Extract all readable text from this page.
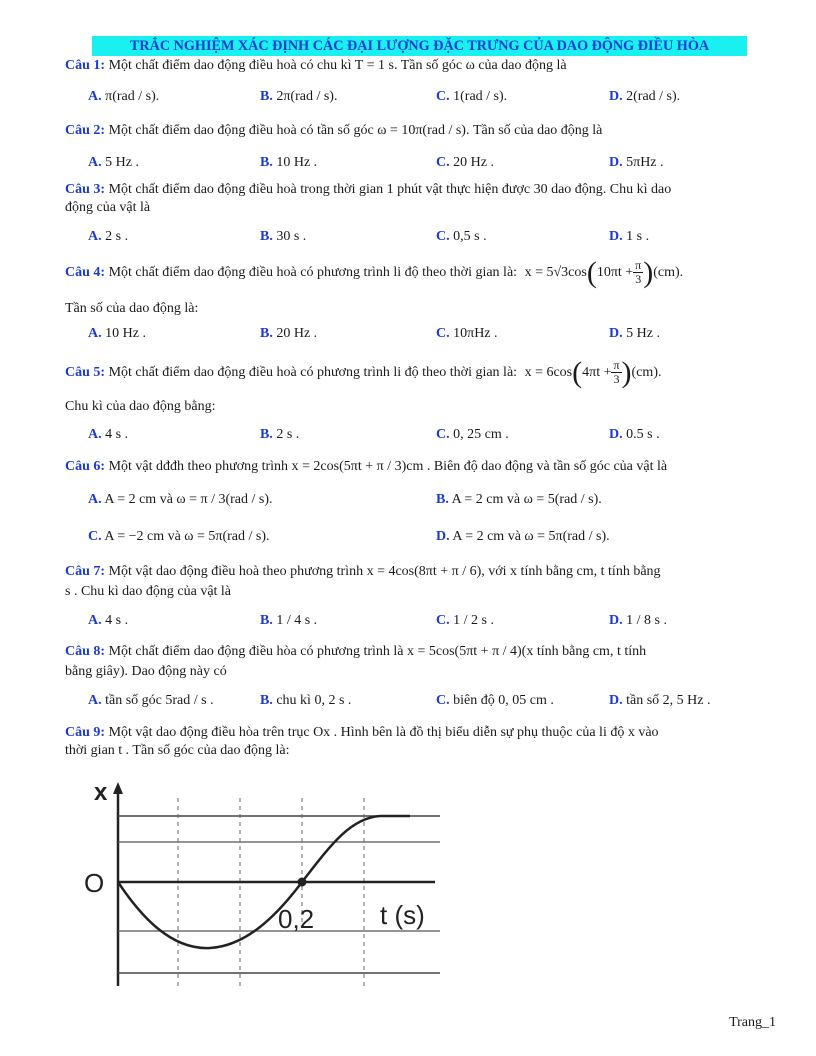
TRẮC NGHIỆM XÁC ĐỊNH CÁC ĐẠI LƯỢNG ĐẶC TRƯNG CỦA DAO ĐỘNG ĐIỀU HÒA
Câu 1: Một chất điểm dao động điều hoà có chu kì T = 1 s. Tần số góc ω của dao động là
A. π(rad / s).	B. 2π(rad / s).	C. 1(rad / s).	D. 2(rad / s).
Câu 2: Một chất điểm dao động điều hoà có tần số góc ω = 10π(rad / s). Tần số của dao động là
A. 5 Hz .	B. 10 Hz .	C. 20 Hz .	D. 5πHz .
Câu 3: Một chất điểm dao động điều hoà trong thời gian 1 phút vật thực hiện được 30 dao động. Chu kì dao
động của vật là
A. 2 s .	B. 30 s .	C. 0,5 s .	D. 1 s .
Câu 4: Một chất điểm dao động điều hoà có phương trình li độ theo thời gian là: $x = 5√3\cos(10\pi t + \frac{\pi}{3} )(cm)$.
Tần số của dao động là:
A. 10 Hz .	B. 20 Hz .	C. 10πHz .	D. 5 Hz .
Câu 5: Một chất điểm dao động điều hoà có phương trình li độ theo thời gian là: $x = 6\cos(4\pi t + \frac{\pi}{3} )(cm)$.
Chu kì của dao động bằng:
A. 4 s .	B. 2 s .	C. 0, 25 cm .	D. 0.5 s .
Câu 6: Một vật dđđh theo phương trình x = 2cos(5πt + π / 3)cm . Biên độ dao động và tần số góc của vật là
A. A = 2 cm và ω = π / 3(rad / s).	B. A = 2 cm và ω = 5(rad / s).
C. A = −2 cm và ω = 5π(rad / s).	D. A = 2 cm và ω = 5π(rad / s).
Câu 7: Một vật dao động điều hoà theo phương trình x = 4cos(8πt + π / 6), với x tính bằng cm, t tính bằng
s . Chu kì dao động của vật là
A. 4 s .	B. 1 / 4 s .	C. 1 / 2 s .	D. 1 / 8 s .
Câu 8: Một chất điểm dao động điều hòa có phương trình là x = 5cos(5πt + π / 4)(x tính bằng cm, t tính
bằng giây). Dao động này có
A. tần số góc 5rad / s .	B. chu kì 0, 2 s .	C. biên độ 0, 05 cm .	D. tần số 2, 5 Hz .
Câu 9: Một vật dao động điều hòa trên trục Ox . Hình bên là đồ thị biểu diễn sự phụ thuộc của li độ x vào
thời gian t . Tần số góc của dao động là:
x
O
0,2	t (s)
Trang_1
